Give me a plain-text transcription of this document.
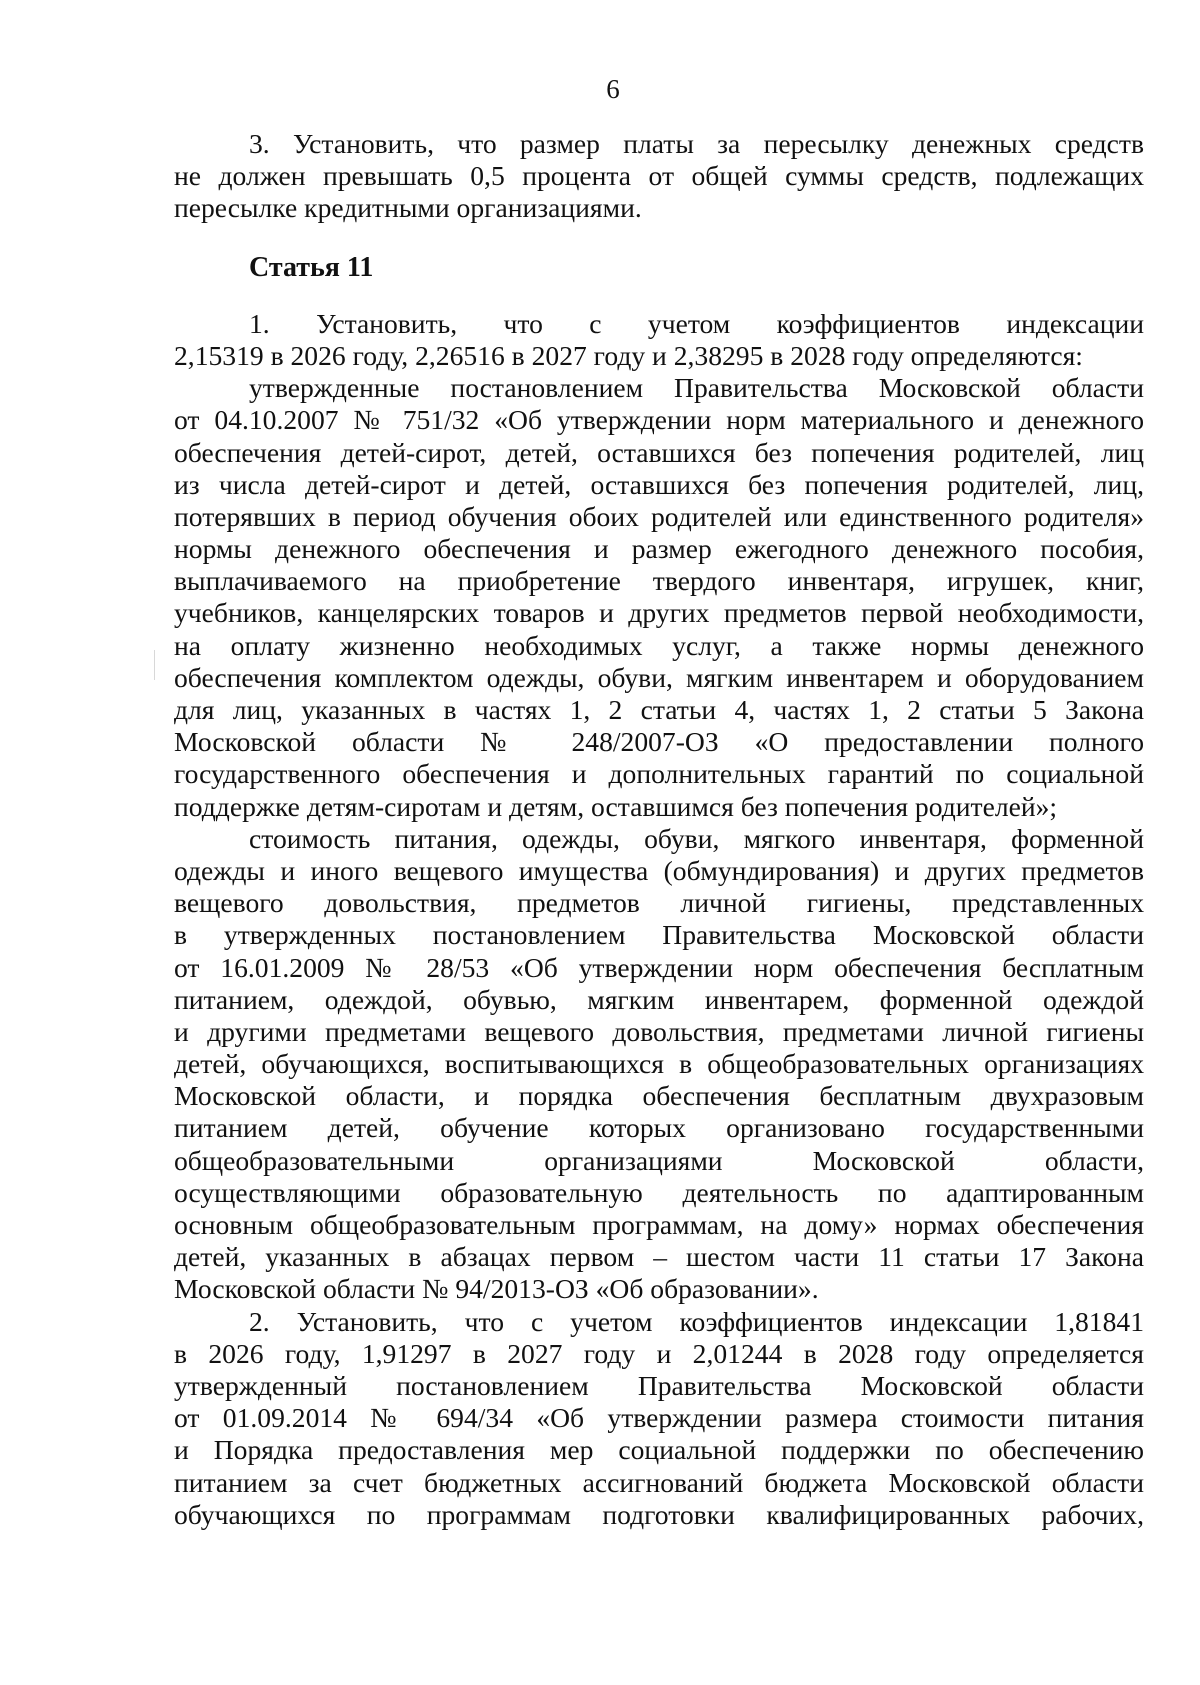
6
3. Установить, что размер платы за пересылку денежных средств
не должен превышать 0,5 процента от общей суммы средств, подлежащих
пересылке кредитными организациями.
Статья 11
1. Установить, что с учетом коэффициентов индексации
2,15319 в 2026 году, 2,26516 в 2027 году и 2,38295 в 2028 году определяются:
утвержденные постановлением Правительства Московской области
от 04.10.2007 № 751/32 «Об утверждении норм материального и денежного
обеспечения детей-сирот, детей, оставшихся без попечения родителей, лиц
из числа детей-сирот и детей, оставшихся без попечения родителей, лиц,
потерявших в период обучения обоих родителей или единственного родителя»
нормы денежного обеспечения и размер ежегодного денежного пособия,
выплачиваемого на приобретение твердого инвентаря, игрушек, книг,
учебников, канцелярских товаров и других предметов первой необходимости,
на оплату жизненно необходимых услуг, а также нормы денежного
обеспечения комплектом одежды, обуви, мягким инвентарем и оборудованием
для лиц, указанных в частях 1, 2 статьи 4, частях 1, 2 статьи 5 Закона
Московской области № 248/2007-ОЗ «О предоставлении полного
государственного обеспечения и дополнительных гарантий по социальной
поддержке детям-сиротам и детям, оставшимся без попечения родителей»;
стоимость питания, одежды, обуви, мягкого инвентаря, форменной
одежды и иного вещевого имущества (обмундирования) и других предметов
вещевого довольствия, предметов личной гигиены, представленных
в утвержденных постановлением Правительства Московской области
от 16.01.2009 № 28/53 «Об утверждении норм обеспечения бесплатным
питанием, одеждой, обувью, мягким инвентарем, форменной одеждой
и другими предметами вещевого довольствия, предметами личной гигиены
детей, обучающихся, воспитывающихся в общеобразовательных организациях
Московской области, и порядка обеспечения бесплатным двухразовым
питанием детей, обучение которых организовано государственными
общеобразовательными организациями Московской области,
осуществляющими образовательную деятельность по адаптированным
основным общеобразовательным программам, на дому» нормах обеспечения
детей, указанных в абзацах первом – шестом части 11 статьи 17 Закона
Московской области № 94/2013-ОЗ «Об образовании».
2. Установить, что с учетом коэффициентов индексации 1,81841
в 2026 году, 1,91297 в 2027 году и 2,01244 в 2028 году определяется
утвержденный постановлением Правительства Московской области
от 01.09.2014 № 694/34 «Об утверждении размера стоимости питания
и Порядка предоставления мер социальной поддержки по обеспечению
питанием за счет бюджетных ассигнований бюджета Московской области
обучающихся по программам подготовки квалифицированных рабочих,
